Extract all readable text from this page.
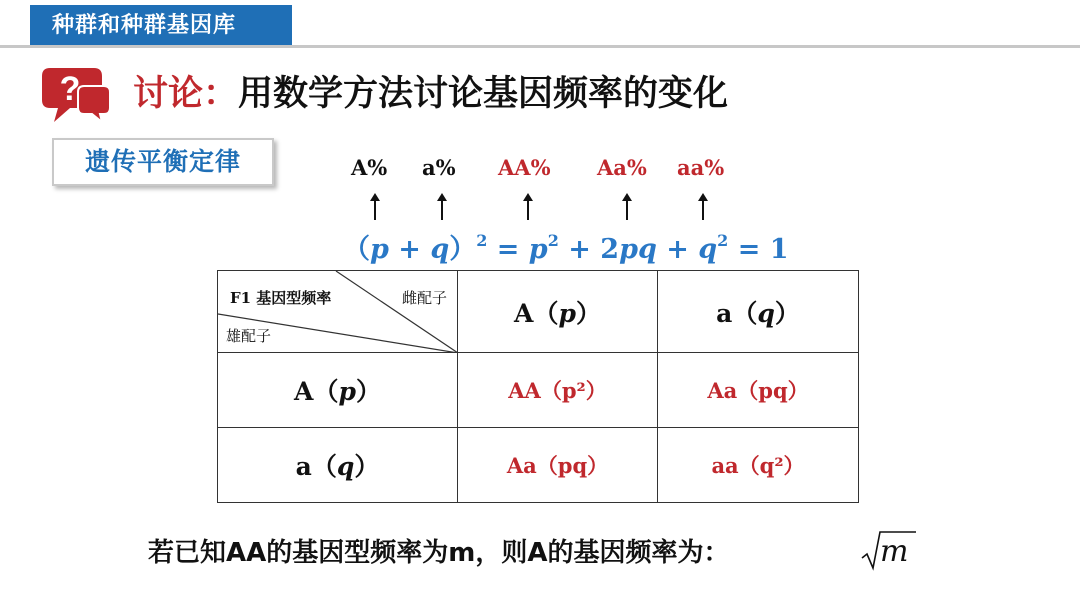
种群和种群基因库
? 讨论：用数学方法讨论基因频率的变化
遗传平衡定律	A% a% AA% Aa% aa%
$(p + q)^2 = p^2 + 2pq + q^2 = 1$
F1 基因型频率 雌配子
雄配子	A（p）	a（q）
A（p）	AA（p²）	Aa（pq）
a（q）	Aa（pq）	aa（q²）
若已知AA的基因型频率为m，则A的基因频率为：	m
